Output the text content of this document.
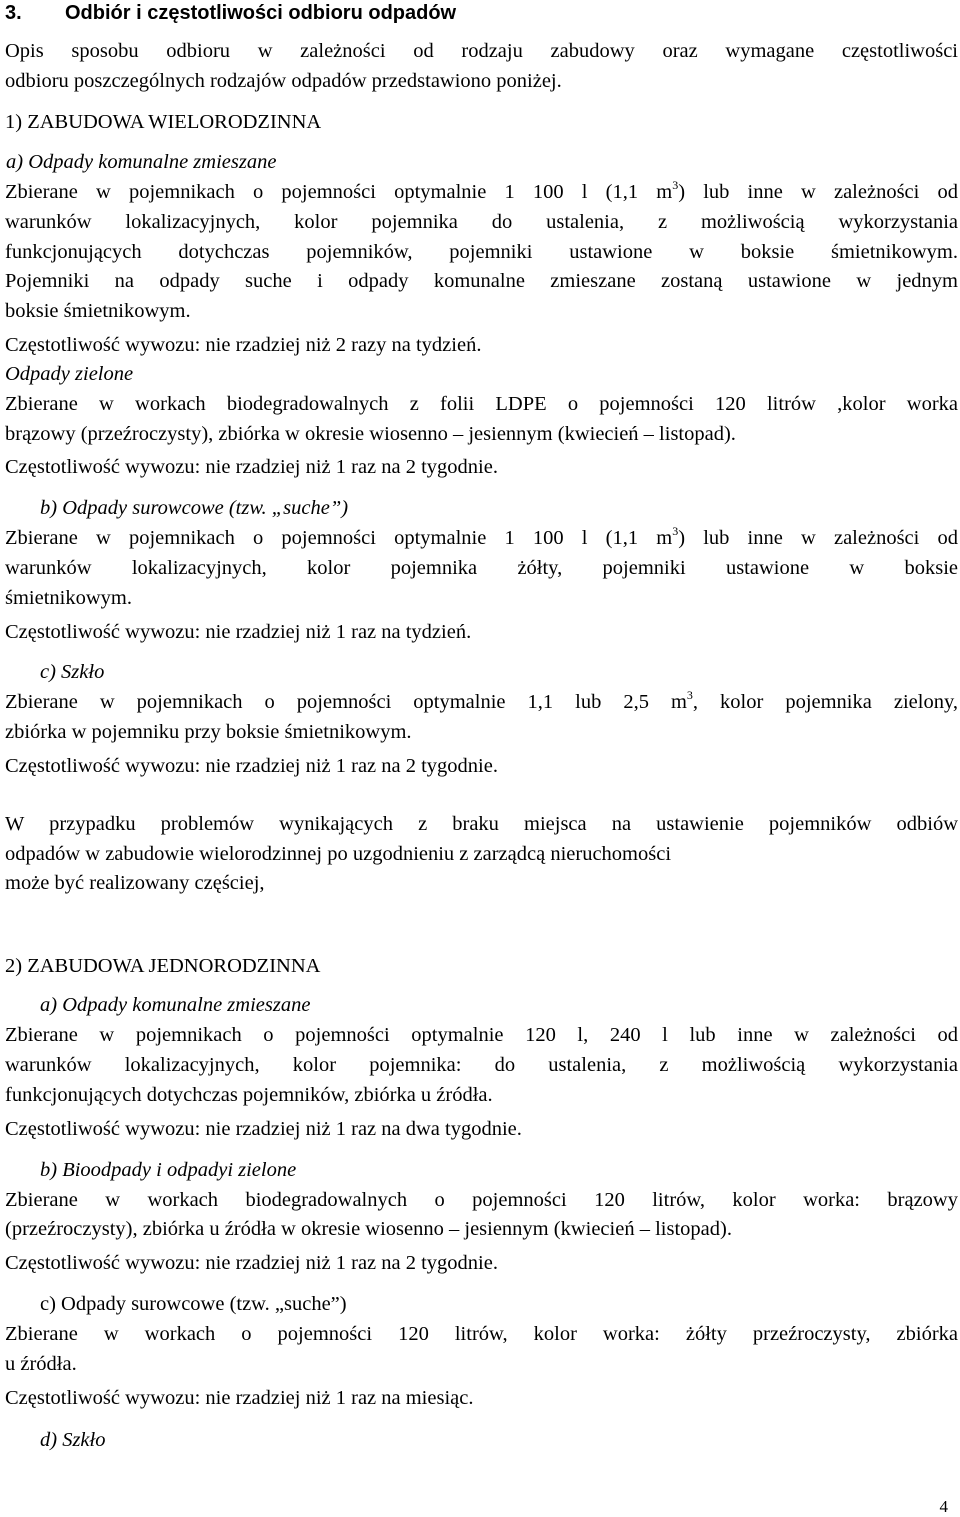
3. Odbiór i częstotliwości odbioru odpadów
Opis sposobu odbioru w zależności od rodzaju zabudowy oraz wymagane częstotliwości
odbioru poszczególnych rodzajów odpadów przedstawiono poniżej.
1) ZABUDOWA WIELORODZINNA
a) Odpady komunalne zmieszane
Zbierane w pojemnikach o pojemności optymalnie 1 100 l (1,1 $m^3$) lub inne w zależności od
warunków lokalizacyjnych, kolor pojemnika do ustalenia, z możliwością wykorzystania
funkcjonujących dotychczas pojemników, pojemniki ustawione w boksie śmietnikowym.
Pojemniki na odpady suche i odpady komunalne zmieszane zostaną ustawione w jednym
boksie śmietnikowym.
Częstotliwość wywozu: nie rzadziej niż 2 razy na tydzień.
Odpady zielone
Zbierane w workach biodegradowalnych z folii LDPE o pojemności 120 litrów ,kolor worka
brązowy (przeźroczysty), zbiórka w okresie wiosenno – jesiennym (kwiecień – listopad).
Częstotliwość wywozu: nie rzadziej niż 1 raz na 2 tygodnie.
b) Odpady surowcowe (tzw. „suche”)
Zbierane w pojemnikach o pojemności optymalnie 1 100 l (1,1 $m^3$) lub inne w zależności od
warunków lokalizacyjnych, kolor pojemnika żółty, pojemniki ustawione w boksie
śmietnikowym.
Częstotliwość wywozu: nie rzadziej niż 1 raz na tydzień.
c) Szkło
Zbierane w pojemnikach o pojemności optymalnie 1,1 lub 2,5 $m^3$, kolor pojemnika zielony,
zbiórka w pojemniku przy boksie śmietnikowym.
Częstotliwość wywozu: nie rzadziej niż 1 raz na 2 tygodnie.
W przypadku problemów wynikających z braku miejsca na ustawienie pojemników odbiów
odpadów w zabudowie wielorodzinnej po uzgodnieniu z zarządcą nieruchomości
może być realizowany częściej,
2) ZABUDOWA JEDNORODZINNA
a) Odpady komunalne zmieszane
Zbierane w pojemnikach o pojemności optymalnie 120 l, 240 l lub inne w zależności od
warunków lokalizacyjnych, kolor pojemnika: do ustalenia, z możliwością wykorzystania
funkcjonujących dotychczas pojemników, zbiórka u źródła.
Częstotliwość wywozu: nie rzadziej niż 1 raz na dwa tygodnie.
b) Bioodpady i odpadyi zielone
Zbierane w workach biodegradowalnych o pojemności 120 litrów, kolor worka: brązowy
(przeźroczysty), zbiórka u źródła w okresie wiosenno – jesiennym (kwiecień – listopad).
Częstotliwość wywozu: nie rzadziej niż 1 raz na 2 tygodnie.
c) Odpady surowcowe (tzw. „suche”)
Zbierane w workach o pojemności 120 litrów, kolor worka: żółty przeźroczysty, zbiórka
u źródła.
Częstotliwość wywozu: nie rzadziej niż 1 raz na miesiąc.
d) Szkło
4
